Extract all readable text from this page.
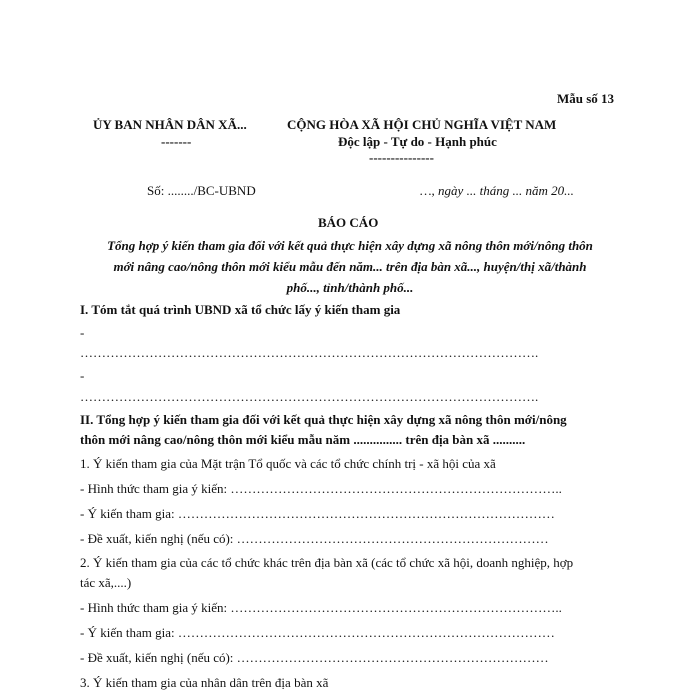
Mẫu số 13
ỦY BAN NHÂN DÂN XÃ...
-------
CỘNG HÒA XÃ HỘI CHỦ NGHĨA VIỆT NAM
Độc lập - Tự do - Hạnh phúc
---------------
Số: ......../BC-UBND	…, ngày ... tháng ... năm 20...
BÁO CÁO
Tổng hợp ý kiến tham gia đối với kết quả thực hiện xây dựng xã nông thôn mới/nông thôn
mới nâng cao/nông thôn mới kiểu mẫu đến năm... trên địa bàn xã..., huyện/thị xã/thành
phố..., tỉnh/thành phố...
I. Tóm tắt quá trình UBND xã tổ chức lấy ý kiến tham gia
-
…………………………………………………………………………………………….
-
…………………………………………………………………………………………….
II. Tổng hợp ý kiến tham gia đối với kết quả thực hiện xây dựng xã nông thôn mới/nông
thôn mới nâng cao/nông thôn mới kiểu mẫu năm ............... trên địa bàn xã ..........
1. Ý kiến tham gia của Mặt trận Tổ quốc và các tổ chức chính trị - xã hội của xã
- Hình thức tham gia ý kiến: …………………………………………………………………..
- Ý kiến tham gia: ……………………………………………………………………………
- Đề xuất, kiến nghị (nếu có): ………………………………………………………………
2. Ý kiến tham gia của các tổ chức khác trên địa bàn xã (các tổ chức xã hội, doanh nghiệp, hợp
tác xã,....)
- Hình thức tham gia ý kiến: …………………………………………………………………..
- Ý kiến tham gia: ……………………………………………………………………………
- Đề xuất, kiến nghị (nếu có): ………………………………………………………………
3. Ý kiến tham gia của nhân dân trên địa bàn xã
